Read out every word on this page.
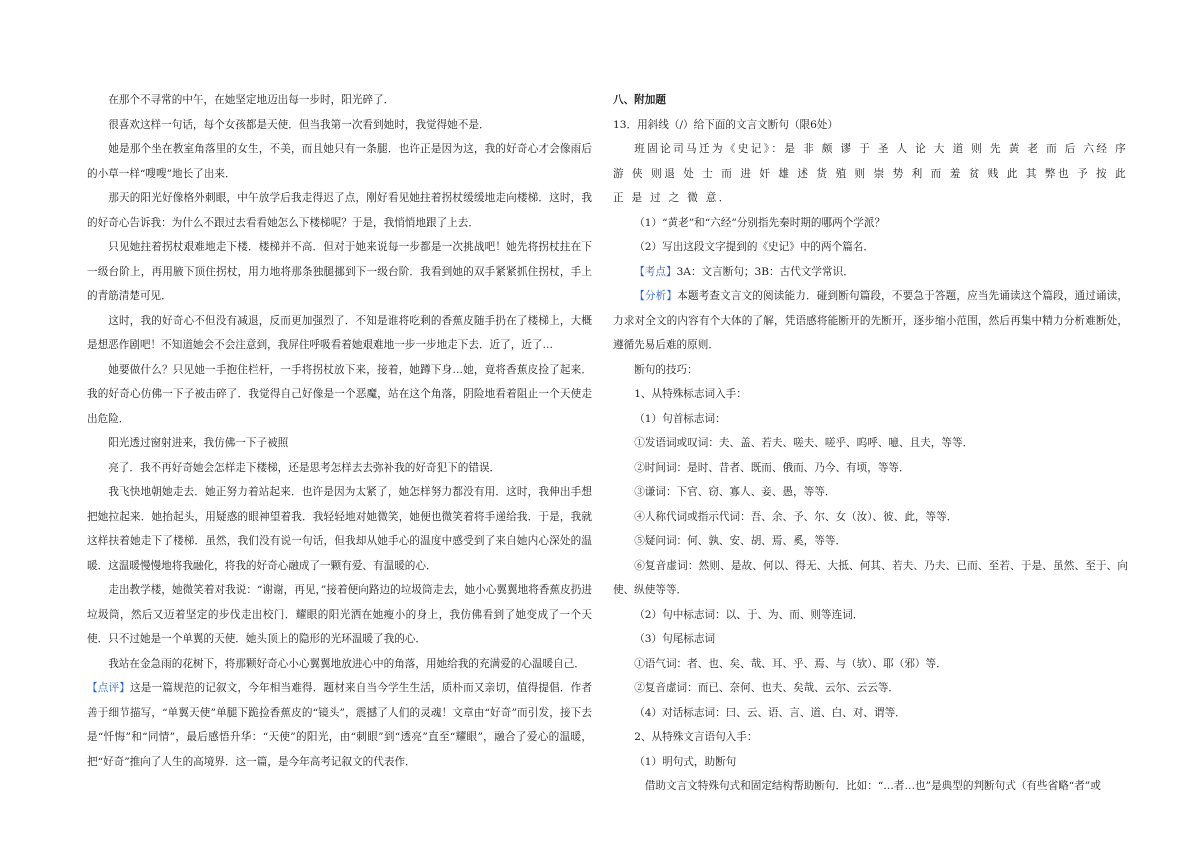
在那个不寻常的中午，在她坚定地迈出每一步时，阳光碎了．

很喜欢这样一句话，每个女孩都是天使．但当我第一次看到她时，我觉得她不是．

她是那个坐在教室角落里的女生，不美，而且她只有一条腿．也许正是因为这，我的好奇心才会像雨后的小草一样“嗖嗖”地长了出来．

那天的阳光好像格外刺眼，中午放学后我走得迟了点，刚好看见她拄着拐杖缓缓地走向楼梯．这时，我的好奇心告诉我：为什么不跟过去看看她怎么下楼梯呢？于是，我悄悄地跟了上去．

只见她拄着拐杖艰难地走下楼．楼梯并不高．但对于她来说每一步都是一次挑战吧！她先将拐杖拄在下一级台阶上，再用腋下顶住拐杖，用力地将那条独腿挪到下一级台阶．我看到她的双手紧紧抓住拐杖，手上的青筋清楚可见．

这时，我的好奇心不但没有减退，反而更加强烈了．不知是谁将吃剩的香蕉皮随手扔在了楼梯上，大概是想恶作剧吧！不知道她会不会注意到，我屏住呼吸看着她艰难地一步一步地走下去．近了，近了…

她要做什么？只见她一手抱住栏杆，一手将拐杖放下来，接着，她蹲下身…她，竟将香蕉皮捡了起来．我的好奇心仿佛一下子被击碎了．我觉得自己好像是一个恶魔，站在这个角落，阴险地看着阻止一个天使走出危险．

阳光透过窗射进来，我仿佛一下子被照

亮了．我不再好奇她会怎样走下楼梯，还是思考怎样去去弥补我的好奇犯下的错误．

我飞快地朝她走去．她正努力着站起来．也许是因为太紧了，她怎样努力都没有用．这时，我伸出手想把她拉起来．她抬起头，用疑惑的眼神望着我．我轻轻地对她微笑，她便也微笑着将手递给我．于是，我就这样扶着她走下了楼梯．虽然，我们没有说一句话，但我却从她手心的温度中感受到了来自她内心深处的温暖．这温暖慢慢地将我融化，将我的好奇心融成了一颗有爱、有温暖的心．

走出教学楼，她微笑着对我说：“谢谢，再见，”接着便向路边的垃圾筒走去，她小心翼翼地将香蕉皮扔进垃圾筒，然后又迈着坚定的步伐走出校门．耀眼的阳光洒在她瘦小的身上，我仿佛看到了她变成了一个天使．只不过她是一个单翼的天使．她头顶上的隐形的光环温暖了我的心．

我站在金急雨的花树下，将那颗好奇心小心翼翼地放进心中的角落，用她给我的充满爱的心温暖自己．

【点评】这是一篇规范的记叙文，今年相当难得．题材来自当今学生生活，质朴而又亲切，值得提倡．作者善于细节描写，“单翼天使”单腿下跪捡香蕉皮的“镜头”，震撼了人们的灵魂！文章由“好奇”而引发，接下去是“忏悔”和“同情”，最后感悟升华：“天使”的阳光，由“刺眼”到“透亮”直至“耀眼”，融合了爱心的温暖，把“好奇”推向了人生的高境界．这一篇，是今年高考记叙文的代表作．

八、附加题

13．用斜线（/）给下面的文言文断句（限6处）

班固论司马迁为《史记》：是 非 颇 谬 于 圣 人 论 大 道 则 先 黄 老 而 后 六经 序 游 侠 则退 处 士 而 进 奸 雄 述 货 殖 则 崇 势 利 而 羞 贫 贱 此 其 弊也 予 按 此 正 是 过 之 微 意．

（1）“黄老”和“六经”分别指先秦时期的哪两个学派？

（2）写出这段文字提到的《史记》中的两个篇名．

【考点】3A：文言断句；3B：古代文学常识．

【分析】本题考查文言文的阅读能力．碰到断句篇段，不要急于答题，应当先诵读这个篇段，通过诵读，力求对全文的内容有个大体的了解，凭语感将能断开的先断开，逐步缩小范围，然后再集中精力分析难断处，遵循先易后难的原则．

断句的技巧：

1、从特殊标志词入手：

（1）句首标志词：

①发语词或叹词：夫、盖、若夫、嗟夫、嗟乎、呜呼、噫、且夫，等等．

②时间词：是时、昔者、既而、俄而、乃今、有顷，等等．

③谦词：下官、窃、寡人、妾、愚，等等．

④人称代词或指示代词：吾、余、予、尔、女（汝）、彼、此，等等．

⑤疑问词：何、孰、安、胡、焉、奚，等等．

⑥复音虚词：然则、是故、何以、得无、大抵、何其、若夫、乃夫、已而、至若、于是、虽然、至于、向使、纵使等等．

（2）句中标志词：以、于、为、而、则等连词．

（3）句尾标志词

①语气词：者、也、矣、哉、耳、乎、焉、与（欤）、耶（邪）等．

②复音虚词：而已、奈何、也夫、矣哉、云尔、云云等．

（4）对话标志词：曰、云、语、言、道、白、对、谓等．

2、从特殊文言语句入手：

（1）明句式，助断句

借助文言文特殊句式和固定结构帮助断句．比如：“…者…也”是典型的判断句式（有些省略“者”或
